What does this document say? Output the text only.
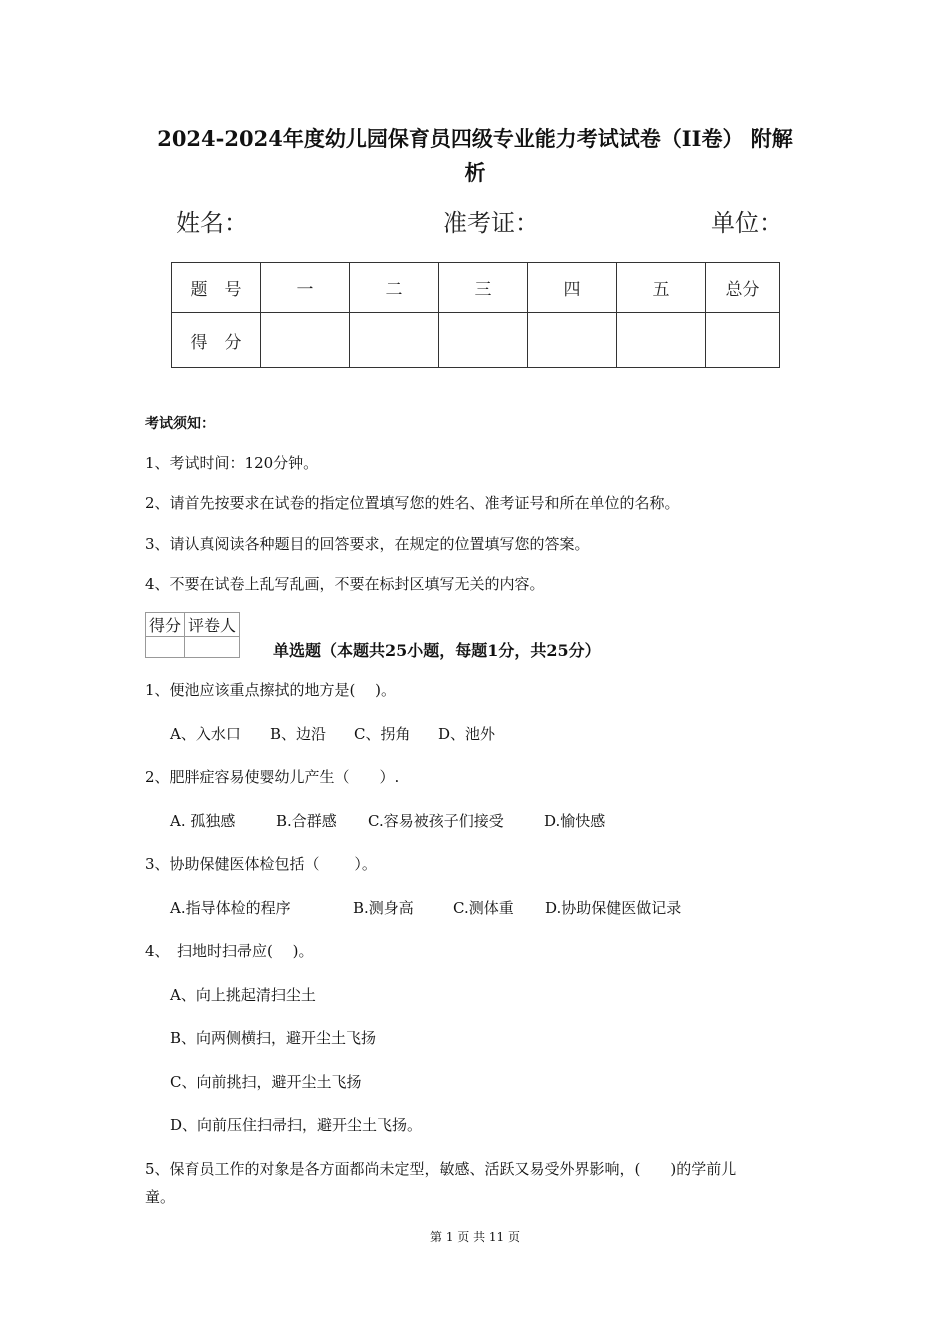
2024-2024年度幼儿园保育员四级专业能力考试试卷（II卷） 附解
析
姓名：	准考证：	单位：
题　号	一	二	三	四	五	总分
得　分						
考试须知：
1、考试时间：120分钟。
2、请首先按要求在试卷的指定位置填写您的姓名、准考证号和所在单位的名称。
3、请认真阅读各种题目的回答要求，在规定的位置填写您的答案。
4、不要在试卷上乱写乱画，不要在标封区填写无关的内容。
得分	评卷人

单选题（本题共25小题，每题1分，共25分）
1、便池应该重点擦拭的地方是(　 )。
A、入水口 B、边沿 C、拐角 D、池外
2、肥胖症容易使婴幼儿产生（　　）.
A. 孤独感	B.合群感 C.容易被孩子们接受	D.愉快感
3、协助保健医体检包括（　　 ）。
A.指导体检的程序	B.测身高	C.测体重 D.协助保健医做记录
4、　扫地时扫帚应(　 )。
A、向上挑起清扫尘土
B、向两侧横扫，避开尘土飞扬
C、向前挑扫，避开尘土飞扬
D、向前压住扫帚扫，避开尘土飞扬。
5、保育员工作的对象是各方面都尚未定型，敏感、活跃又易受外界影响，(　　)的学前儿
童。
第 1 页 共 11 页
